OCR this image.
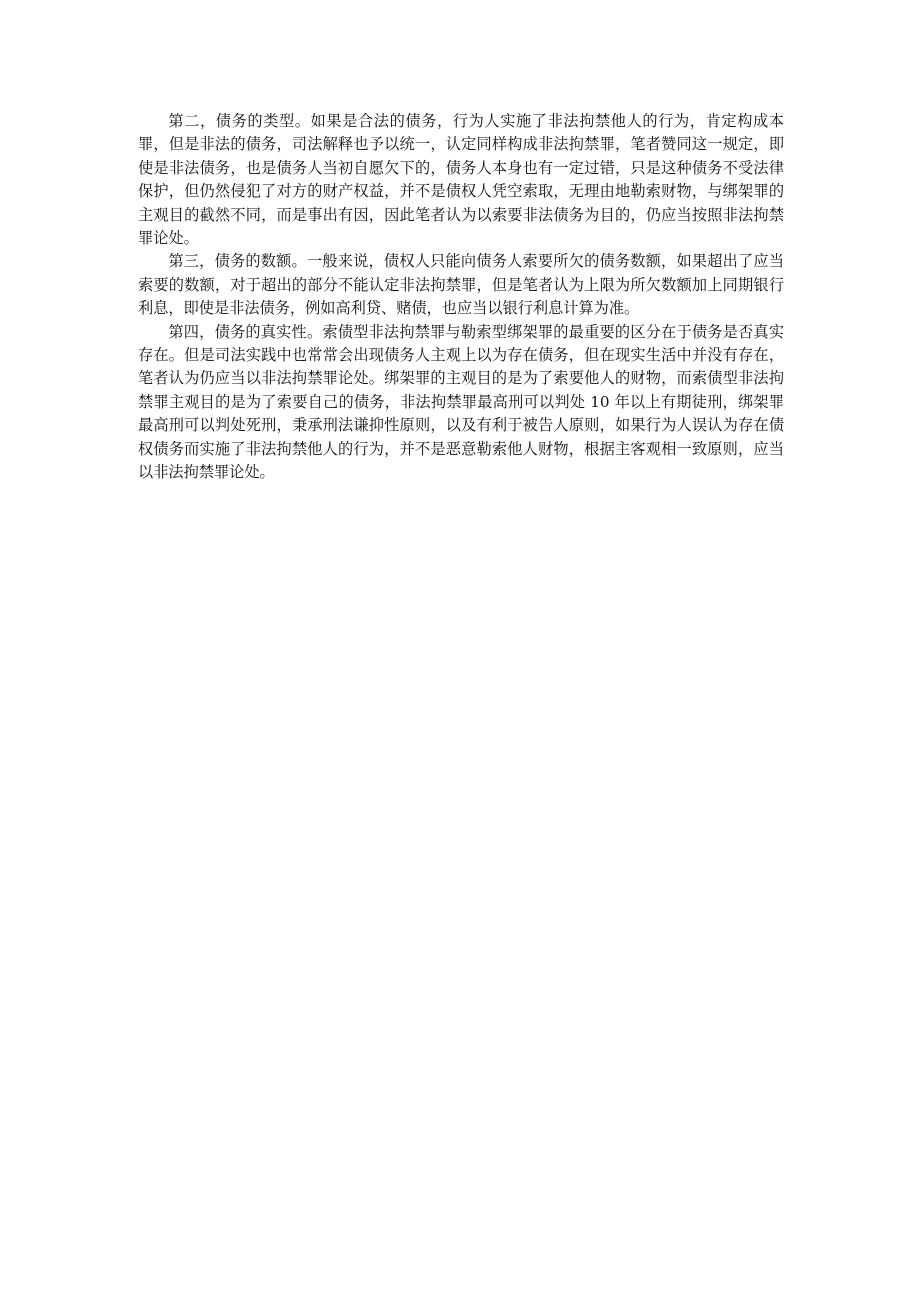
第二，债务的类型。如果是合法的债务，行为人实施了非法拘禁他人的行为，肯定构成本罪，但是非法的债务，司法解释也予以统一，认定同样构成非法拘禁罪，笔者赞同这一规定，即使是非法债务，也是债务人当初自愿欠下的，债务人本身也有一定过错，只是这种债务不受法律保护，但仍然侵犯了对方的财产权益，并不是债权人凭空索取，无理由地勒索财物，与绑架罪的主观目的截然不同，而是事出有因，因此笔者认为以索要非法债务为目的，仍应当按照非法拘禁罪论处。

第三，债务的数额。一般来说，债权人只能向债务人索要所欠的债务数额，如果超出了应当索要的数额，对于超出的部分不能认定非法拘禁罪，但是笔者认为上限为所欠数额加上同期银行利息，即使是非法债务，例如高利贷、赌债，也应当以银行利息计算为准。

第四，债务的真实性。索债型非法拘禁罪与勒索型绑架罪的最重要的区分在于债务是否真实存在。但是司法实践中也常常会出现债务人主观上以为存在债务，但在现实生活中并没有存在，笔者认为仍应当以非法拘禁罪论处。绑架罪的主观目的是为了索要他人的财物，而索债型非法拘禁罪主观目的是为了索要自己的债务，非法拘禁罪最高刑可以判处 10 年以上有期徒刑，绑架罪最高刑可以判处死刑，秉承刑法谦抑性原则，以及有利于被告人原则，如果行为人误认为存在债权债务而实施了非法拘禁他人的行为，并不是恶意勒索他人财物，根据主客观相一致原则，应当以非法拘禁罪论处。
